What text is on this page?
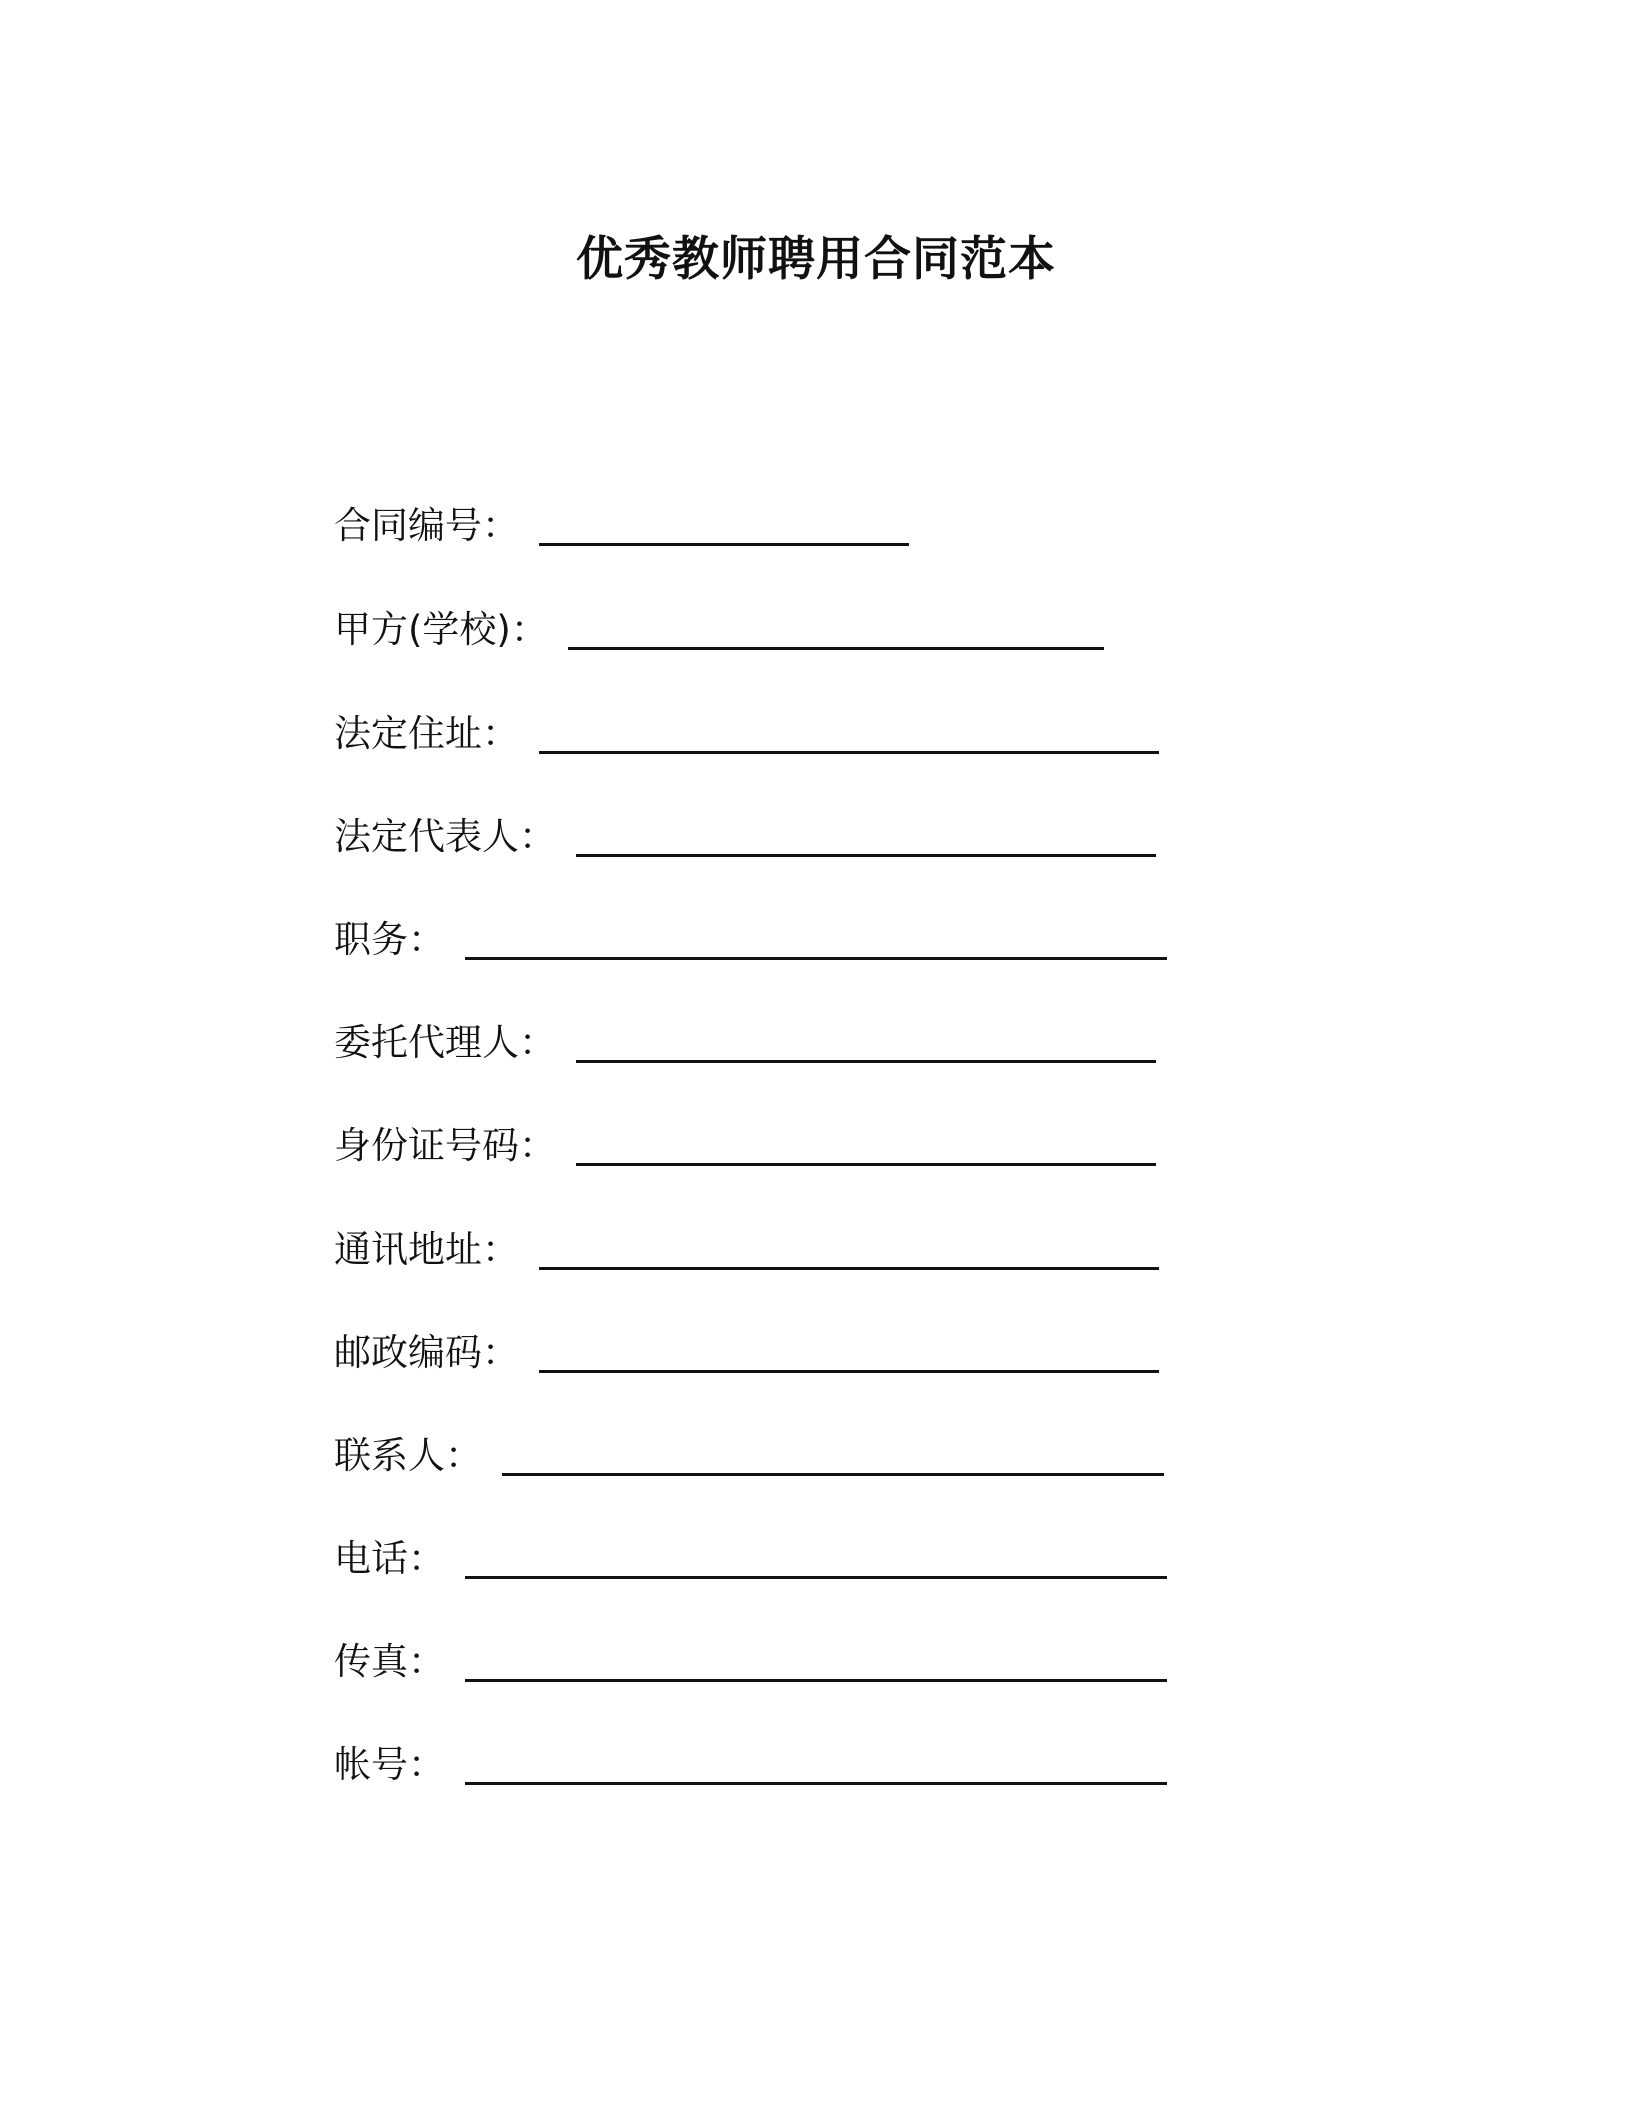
优秀教师聘用合同范本
合同编号：
甲方(学校)：
法定住址：
法定代表人：
职务：
委托代理人：
身份证号码：
通讯地址：
邮政编码：
联系人：
电话：
传真：
帐号：
